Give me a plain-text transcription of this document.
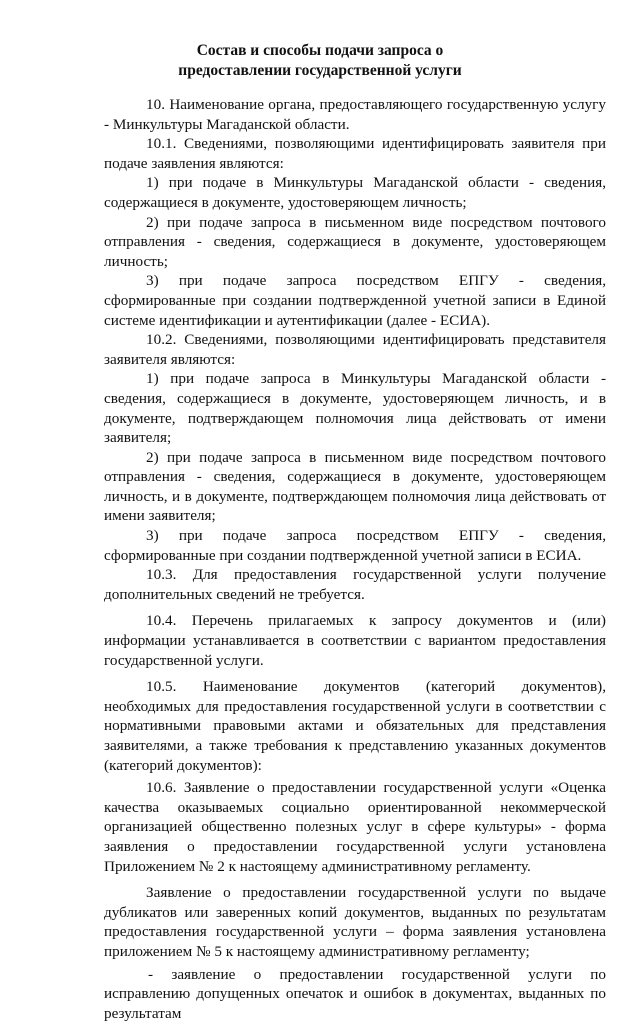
Состав и способы подачи запроса о
предоставлении государственной услуги

10. Наименование органа, предоставляющего государственную услугу - Минкультуры Магаданской области.

10.1. Сведениями, позволяющими идентифицировать заявителя при подаче заявления являются:

1) при подаче в Минкультуры Магаданской области - сведения, содержащиеся в документе, удостоверяющем личность;

2) при подаче запроса в письменном виде посредством почтового отправления - сведения, содержащиеся в документе, удостоверяющем личность;

3) при подаче запроса посредством ЕПГУ - сведения, сформированные при создании подтвержденной учетной записи в Единой системе идентификации и аутентификации (далее - ЕСИА).

10.2. Сведениями, позволяющими идентифицировать представителя заявителя являются:

1) при подаче запроса в Минкультуры Магаданской области - сведения, содержащиеся в документе, удостоверяющем личность, и в документе, подтверждающем полномочия лица действовать от имени заявителя;

2) при подаче запроса в письменном виде посредством почтового отправления - сведения, содержащиеся в документе, удостоверяющем личность, и в документе, подтверждающем полномочия лица действовать от имени заявителя;

3) при подаче запроса посредством ЕПГУ - сведения, сформированные при создании подтвержденной учетной записи в ЕСИА.

10.3. Для предоставления государственной услуги получение дополнительных сведений не требуется.

10.4. Перечень прилагаемых к запросу документов и (или) информации устанавливается в соответствии с вариантом предоставления государственной услуги.

10.5. Наименование документов (категорий документов), необходимых для предоставления государственной услуги в соответствии с нормативными правовыми актами и обязательных для представления заявителями, а также требования к представлению указанных документов (категорий документов):

10.6. Заявление о предоставлении государственной услуги «Оценка качества оказываемых социально ориентированной некоммерческой организацией общественно полезных услуг в сфере культуры» - форма заявления о предоставлении государственной услуги установлена Приложением № 2 к настоящему административному регламенту.

Заявление о предоставлении государственной услуги по выдаче дубликатов или заверенных копий документов, выданных по результатам предоставления государственной услуги – форма заявления установлена приложением № 5 к настоящему административному регламенту;

- заявление о предоставлении государственной услуги по исправлению допущенных опечаток и ошибок в документах, выданных по результатам
